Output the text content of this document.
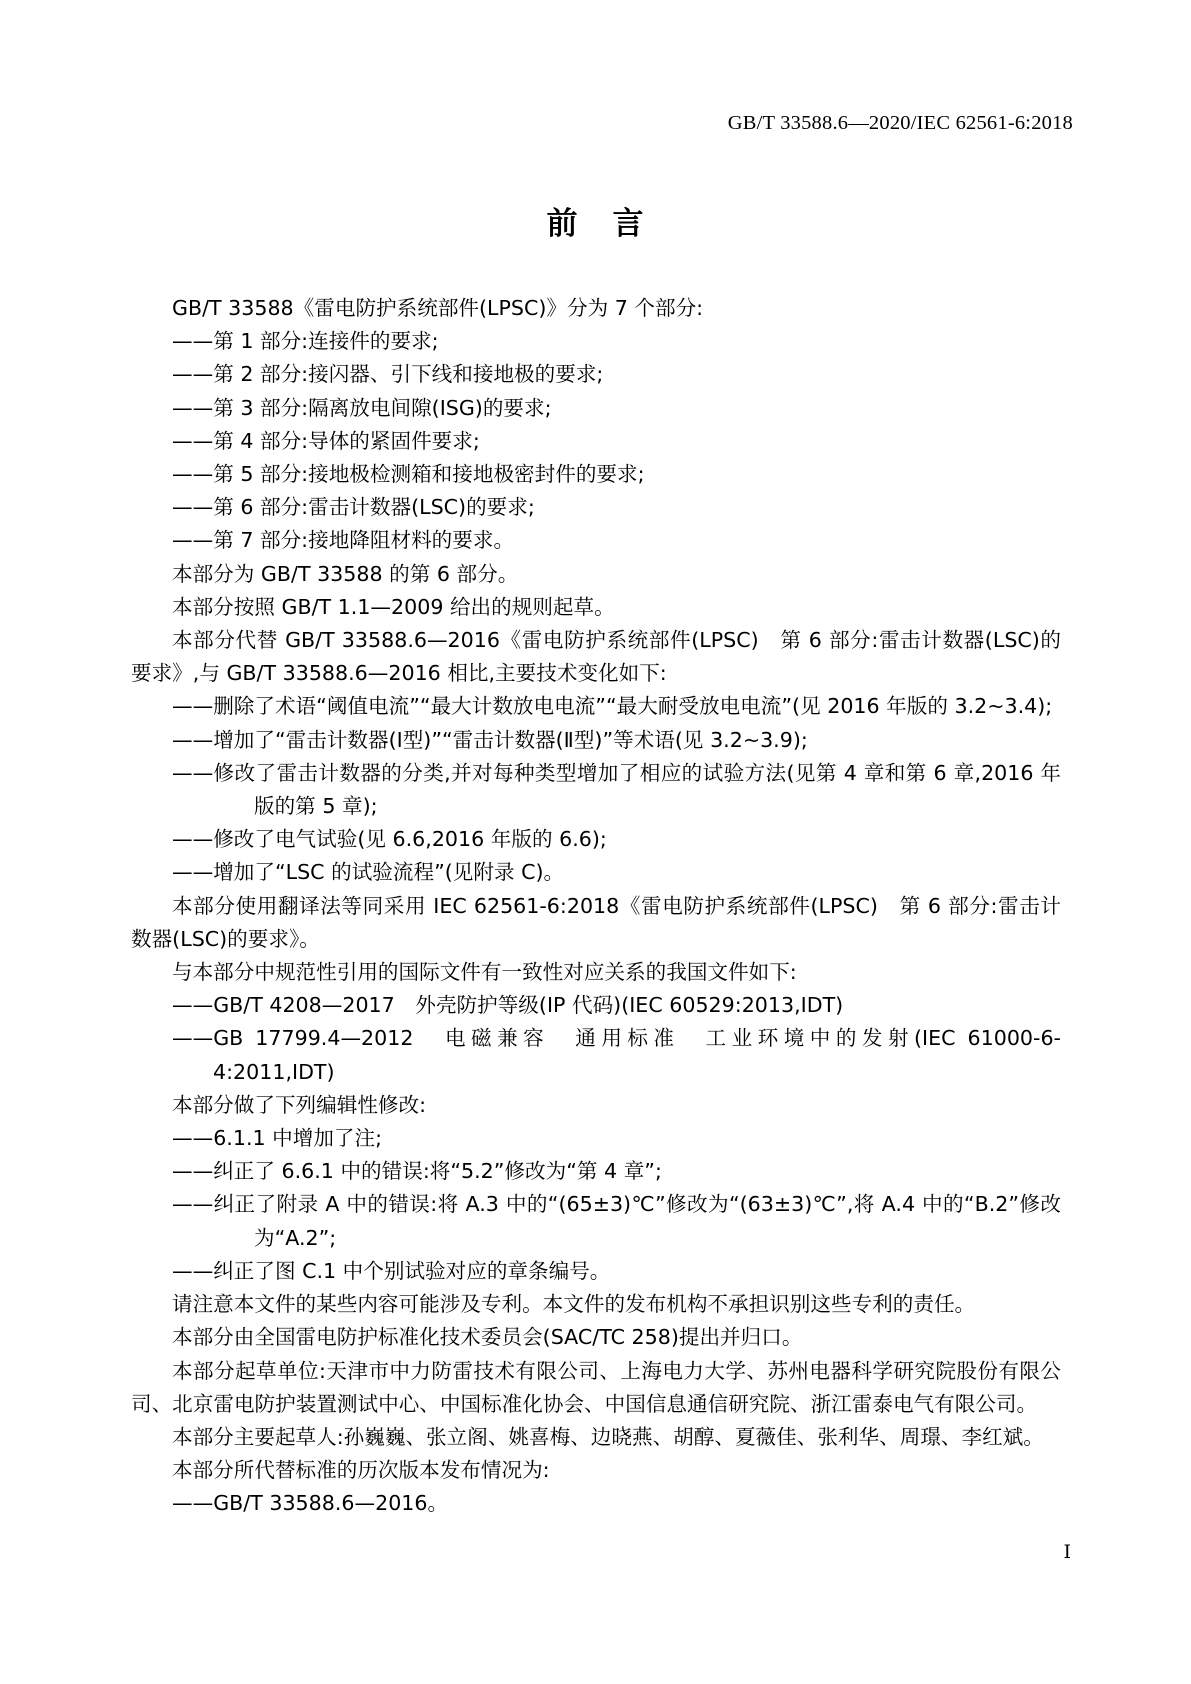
GB/T 33588.6—2020/IEC 62561-6:2018
前 言

GB/T 33588《雷电防护系统部件(LPSC)》分为 7 个部分:

——第 1 部分:连接件的要求;

——第 2 部分:接闪器、引下线和接地极的要求;

——第 3 部分:隔离放电间隙(ISG)的要求;

——第 4 部分:导体的紧固件要求;

——第 5 部分:接地极检测箱和接地极密封件的要求;

——第 6 部分:雷击计数器(LSC)的要求;

——第 7 部分:接地降阻材料的要求。

本部分为 GB/T 33588 的第 6 部分。

本部分按照 GB/T 1.1—2009 给出的规则起草。

本部分代替 GB/T 33588.6—2016《雷电防护系统部件(LPSC)　第 6 部分:雷击计数器(LSC)的要求》,与 GB/T 33588.6—2016 相比,主要技术变化如下:

——删除了术语“阈值电流”“最大计数放电电流”“最大耐受放电电流”(见 2016 年版的 3.2~3.4);

——增加了“雷击计数器(Ⅰ型)”“雷击计数器(Ⅱ型)”等术语(见 3.2~3.9);

——修改了雷击计数器的分类,并对每种类型增加了相应的试验方法(见第 4 章和第 6 章,2016 年版的第 5 章);

——修改了电气试验(见 6.6,2016 年版的 6.6);

——增加了“LSC 的试验流程”(见附录 C)。

本部分使用翻译法等同采用 IEC 62561-6:2018《雷电防护系统部件(LPSC)　第 6 部分:雷击计数器(LSC)的要求》。

与本部分中规范性引用的国际文件有一致性对应关系的我国文件如下:

——GB/T 4208—2017　外壳防护等级(IP 代码)(IEC 60529:2013,IDT)

——GB 17799.4—2012　电磁兼容　通用标准　工业环境中的发射(IEC 61000-6-4:2011,IDT)

本部分做了下列编辑性修改:

——6.1.1 中增加了注;

——纠正了 6.6.1 中的错误:将“5.2”修改为“第 4 章”;

——纠正了附录 A 中的错误:将 A.3 中的“(65±3)℃”修改为“(63±3)℃”,将 A.4 中的“B.2”修改为“A.2”;

——纠正了图 C.1 中个别试验对应的章条编号。

请注意本文件的某些内容可能涉及专利。本文件的发布机构不承担识别这些专利的责任。

本部分由全国雷电防护标准化技术委员会(SAC/TC 258)提出并归口。

本部分起草单位:天津市中力防雷技术有限公司、上海电力大学、苏州电器科学研究院股份有限公司、北京雷电防护装置测试中心、中国标准化协会、中国信息通信研究院、浙江雷泰电气有限公司。

本部分主要起草人:孙巍巍、张立阁、姚喜梅、边晓燕、胡醇、夏薇佳、张利华、周璟、李红斌。

本部分所代替标准的历次版本发布情况为:

——GB/T 33588.6—2016。

Ⅰ
